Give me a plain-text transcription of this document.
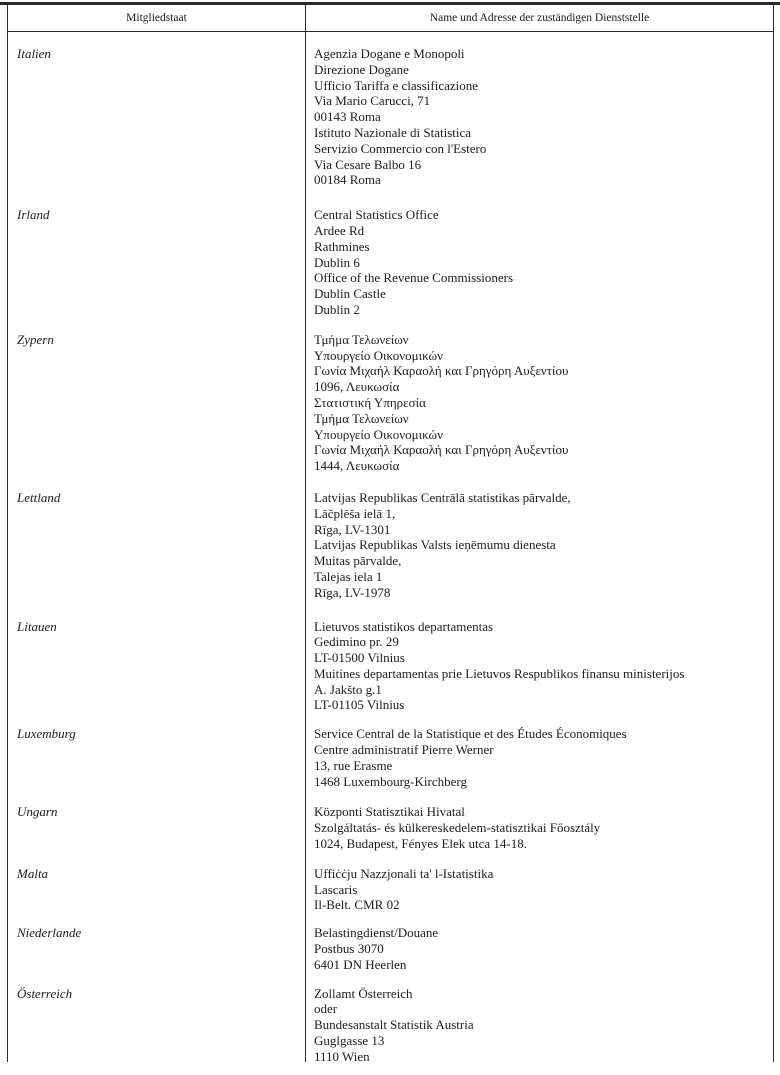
Mitgliedstaat	Name und Adresse der zuständigen Dienststelle
Italien	Agenzia Dogane e Monopoli
Direzione Dogane
Ufficio Tariffa e classificazione
Via Mario Carucci, 71
00143 Roma
Istituto Nazionale di Statistica
Servizio Commercio con l'Estero
Via Cesare Balbo 16
00184 Roma
Irland	Central Statistics Office
Ardee Rd
Rathmines
Dublin 6
Office of the Revenue Commissioners
Dublin Castle
Dublin 2
Zypern	Τμήμα Τελωνείων
Υπουργείο Οικονομικών
Γωνία Μιχαήλ Καραολή και Γρηγόρη Αυξεντίου
1096, Λευκωσία
Στατιστική Υπηρεσία
Τμήμα Τελωνείων
Υπουργείο Οικονομικών
Γωνία Μιχαήλ Καραολή και Γρηγόρη Αυξεντίου
1444, Λευκωσία
Lettland	Latvijas Republikas Centrālā statistikas pārvalde,
Lāčplēša ielā 1,
Rīga, LV-1301
Latvijas Republikas Valsts ieņēmumu dienesta
Muitas pārvalde,
Talejas iela 1
Rīga, LV-1978
Litauen	Lietuvos statistikos departamentas
Gedimino pr. 29
LT-01500 Vilnius
Muitines departamentas prie Lietuvos Respublikos finansu ministerijos
A. Jakšto g.1
LT-01105 Vilnius
Luxemburg	Service Central de la Statistique et des Études Économiques
Centre administratif Pierre Werner
13, rue Erasme
1468 Luxembourg-Kirchberg
Ungarn	Központi Statisztikai Hivatal
Szolgáltatás- és külkereskedelem-statisztikai Főosztály
1024, Budapest, Fényes Elek utca 14-18.
Malta	Uffiċċju Nazzjonali ta' l-Istatistika
Lascaris
Il-Belt. CMR 02
Niederlande	Belastingdienst/Douane
Postbus 3070
6401 DN Heerlen
Österreich	Zollamt Österreich
oder
Bundesanstalt Statistik Austria
Guglgasse 13
1110 Wien
